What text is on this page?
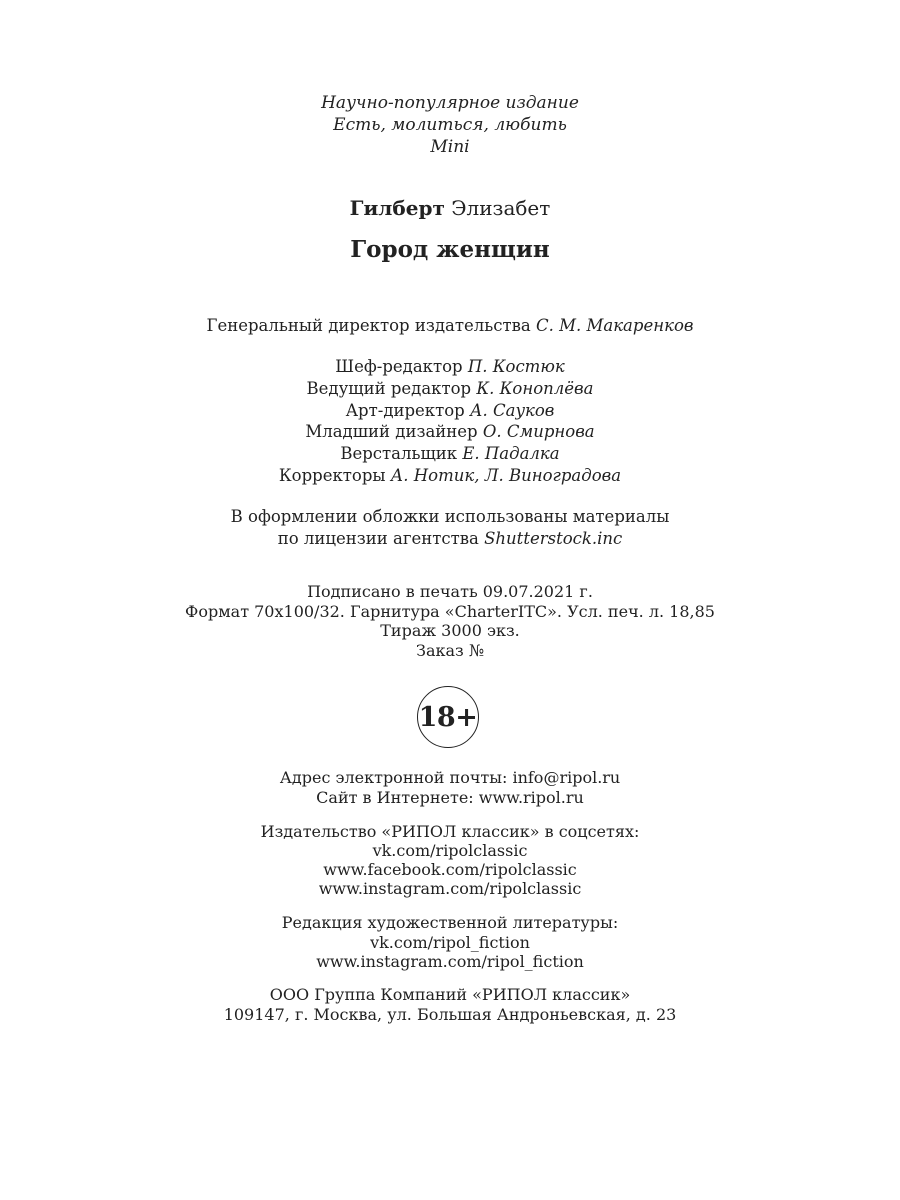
Научно-популярное издание
Есть, молиться, любить
Mini
Гилберт Элизабет
Город женщин
Генеральный директор издательства С. М. Макаренков
Шеф-редактор П. Костюк
Ведущий редактор К. Коноплёва
Арт-директор А. Сауков
Младший дизайнер О. Смирнова
Верстальщик Е. Падалка
Корректоры А. Нотик, Л. Виноградова
В оформлении обложки использованы материалы
по лицензии агентства Shutterstock.inc
Подписано в печать 09.07.2021 г.
Формат 70x100/32. Гарнитура «CharterITC». Усл. печ. л. 18,85
Тираж 3000 экз.
Заказ №
18+
Адрес электронной почты: info@ripol.ru
Сайт в Интернете: www.ripol.ru
Издательство «РИПОЛ классик» в соцсетях:
vk.com/ripolclassic
www.facebook.com/ripolclassic
www.instagram.com/ripolclassic
Редакция художественной литературы:
vk.com/ripol_fiction
www.instagram.com/ripol_fiction
ООО Группа Компаний «РИПОЛ классик»
109147, г. Москва, ул. Большая Андроньевская, д. 23
